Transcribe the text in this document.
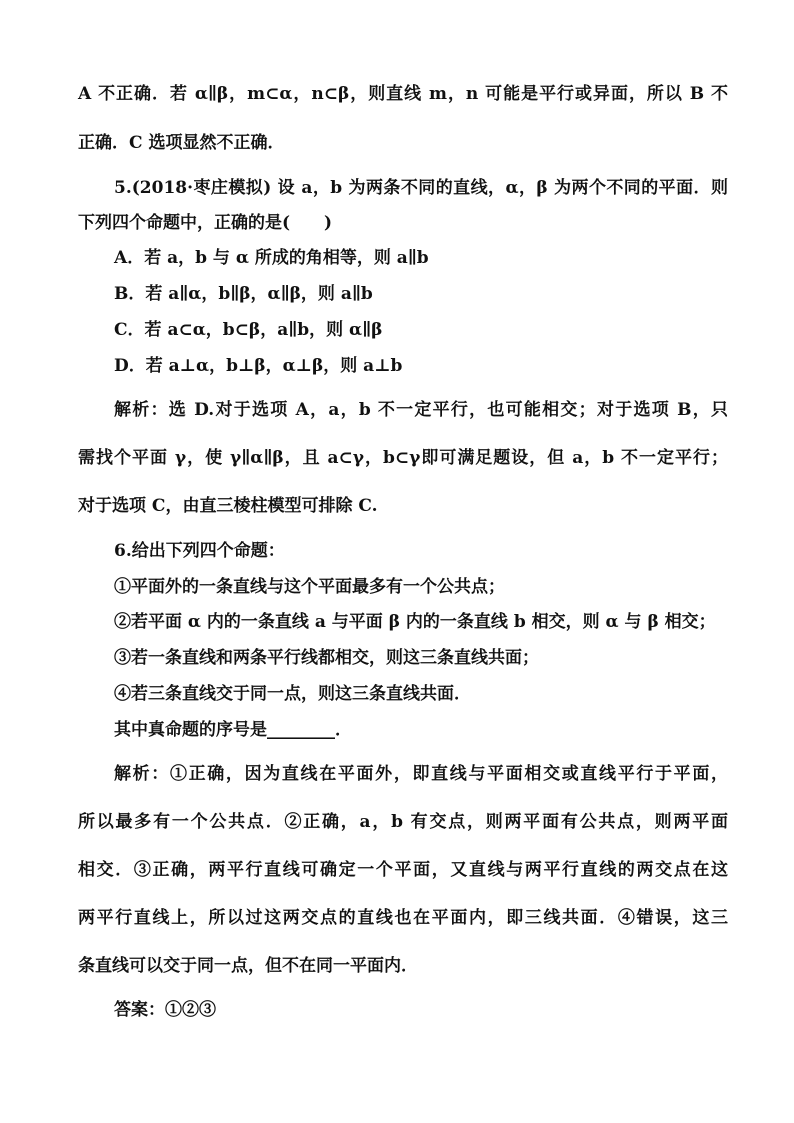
A 不正确．若 α∥β，m⊂α，n⊂β，则直线 m，n 可能是平行或异面，所以 B 不
正确．C 选项显然不正确．
5.(2018·枣庄模拟) 设 a，b 为两条不同的直线，α，β 为两个不同的平面．则
下列四个命题中，正确的是(　　)
A．若 a，b 与 α 所成的角相等，则 a∥b
B．若 a∥α，b∥β，α∥β，则 a∥b
C．若 a⊂α，b⊂β，a∥b，则 α∥β
D．若 a⊥α，b⊥β，α⊥β，则 a⊥b
解析：选 D.对于选项 A，a，b 不一定平行，也可能相交；对于选项 B，只
需找个平面 γ，使 γ∥α∥β，且 a⊂γ，b⊂γ即可满足题设，但 a，b 不一定平行；
对于选项 C，由直三棱柱模型可排除 C.
6.给出下列四个命题：
①平面外的一条直线与这个平面最多有一个公共点；
②若平面 α 内的一条直线 a 与平面 β 内的一条直线 b 相交，则 α 与 β 相交；
③若一条直线和两条平行线都相交，则这三条直线共面；
④若三条直线交于同一点，则这三条直线共面．
其中真命题的序号是________．
解析：①正确，因为直线在平面外，即直线与平面相交或直线平行于平面，
所以最多有一个公共点．②正确，a，b 有交点，则两平面有公共点，则两平面
相交．③正确，两平行直线可确定一个平面，又直线与两平行直线的两交点在这
两平行直线上，所以过这两交点的直线也在平面内，即三线共面．④错误，这三
条直线可以交于同一点，但不在同一平面内．
答案：①②③
